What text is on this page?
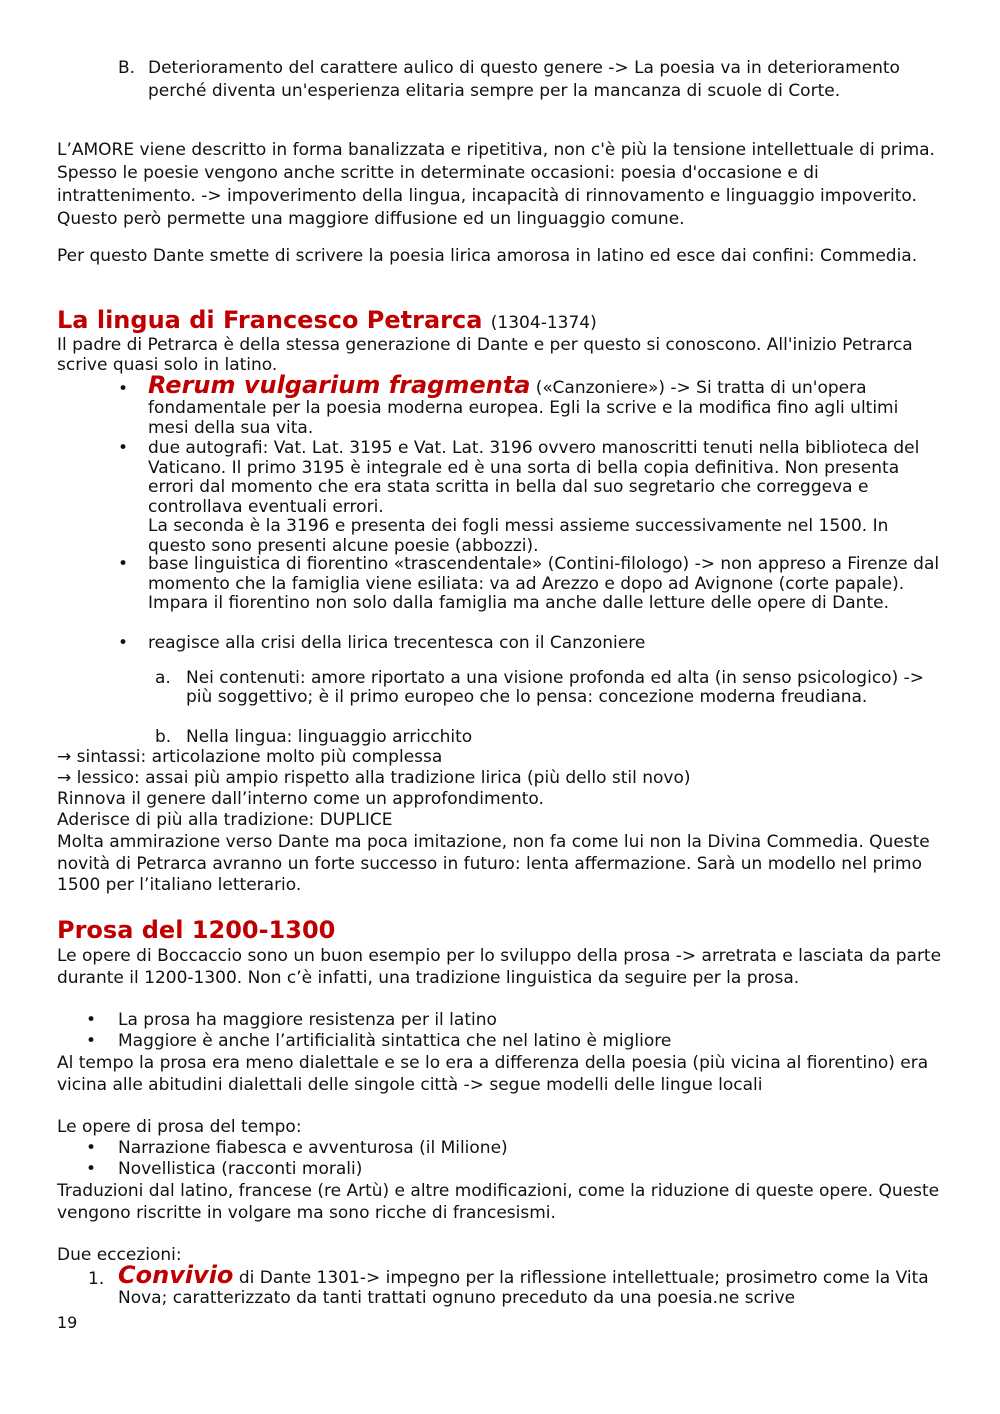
B. Deterioramento del carattere aulico di questo genere -> La poesia va in deterioramento perché diventa un'esperienza elitaria sempre per la mancanza di scuole di Corte.

L’AMORE viene descritto in forma banalizzata e ripetitiva, non c'è più la tensione intellettuale di prima. Spesso le poesie vengono anche scritte in determinate occasioni: poesia d'occasione e di intrattenimento. -> impoverimento della lingua, incapacità di rinnovamento e linguaggio impoverito. Questo però permette una maggiore diffusione ed un linguaggio comune.

Per questo Dante smette di scrivere la poesia lirica amorosa in latino ed esce dai confini: Commedia.

La lingua di Francesco Petrarca (1304-1374)

Il padre di Petrarca è della stessa generazione di Dante e per questo si conoscono. All'inizio Petrarca scrive quasi solo in latino.

• Rerum vulgarium fragmenta («Canzoniere») -> Si tratta di un'opera fondamentale per la poesia moderna europea. Egli la scrive e la modifica fino agli ultimi mesi della sua vita.
• due autografi: Vat. Lat. 3195 e Vat. Lat. 3196 ovvero manoscritti tenuti nella biblioteca del Vaticano. Il primo 3195 è integrale ed è una sorta di bella copia definitiva. Non presenta errori dal momento che era stata scritta in bella dal suo segretario che correggeva e controllava eventuali errori.
La seconda è la 3196 e presenta dei fogli messi assieme successivamente nel 1500. In questo sono presenti alcune poesie (abbozzi).
• base linguistica di fiorentino «trascendentale» (Contini-filologo) -> non appreso a Firenze dal momento che la famiglia viene esiliata: va ad Arezzo e dopo ad Avignone (corte papale). Impara il fiorentino non solo dalla famiglia ma anche dalle letture delle opere di Dante.
• reagisce alla crisi della lirica trecentesca con il Canzoniere
a. Nei contenuti: amore riportato a una visione profonda ed alta (in senso psicologico) -> più soggettivo; è il primo europeo che lo pensa: concezione moderna freudiana.
b. Nella lingua: linguaggio arricchito
→ sintassi: articolazione molto più complessa
→ lessico: assai più ampio rispetto alla tradizione lirica (più dello stil novo)
Rinnova il genere dall’interno come un approfondimento.
Aderisce di più alla tradizione: DUPLICE

Molta ammirazione verso Dante ma poca imitazione, non fa come lui non la Divina Commedia. Queste novità di Petrarca avranno un forte successo in futuro: lenta affermazione. Sarà un modello nel primo 1500 per l’italiano letterario.

Prosa del 1200-1300

Le opere di Boccaccio sono un buon esempio per lo sviluppo della prosa -> arretrata e lasciata da parte durante il 1200-1300. Non c’è infatti, una tradizione linguistica da seguire per la prosa.

• La prosa ha maggiore resistenza per il latino
• Maggiore è anche l’artificialità sintattica che nel latino è migliore

Al tempo la prosa era meno dialettale e se lo era a differenza della poesia (più vicina al fiorentino) era vicina alle abitudini dialettali delle singole città -> segue modelli delle lingue locali

Le opere di prosa del tempo:

• Narrazione fiabesca e avventurosa (il Milione)
• Novellistica (racconti morali)

Traduzioni dal latino, francese (re Artù) e altre modificazioni, come la riduzione di queste opere. Queste vengono riscritte in volgare ma sono ricche di francesismi.

Due eccezioni:

1. Convivio di Dante 1301-> impegno per la riflessione intellettuale; prosimetro come la Vita Nova; caratterizzato da tanti trattati ognuno preceduto da una poesia.ne scrive
19
